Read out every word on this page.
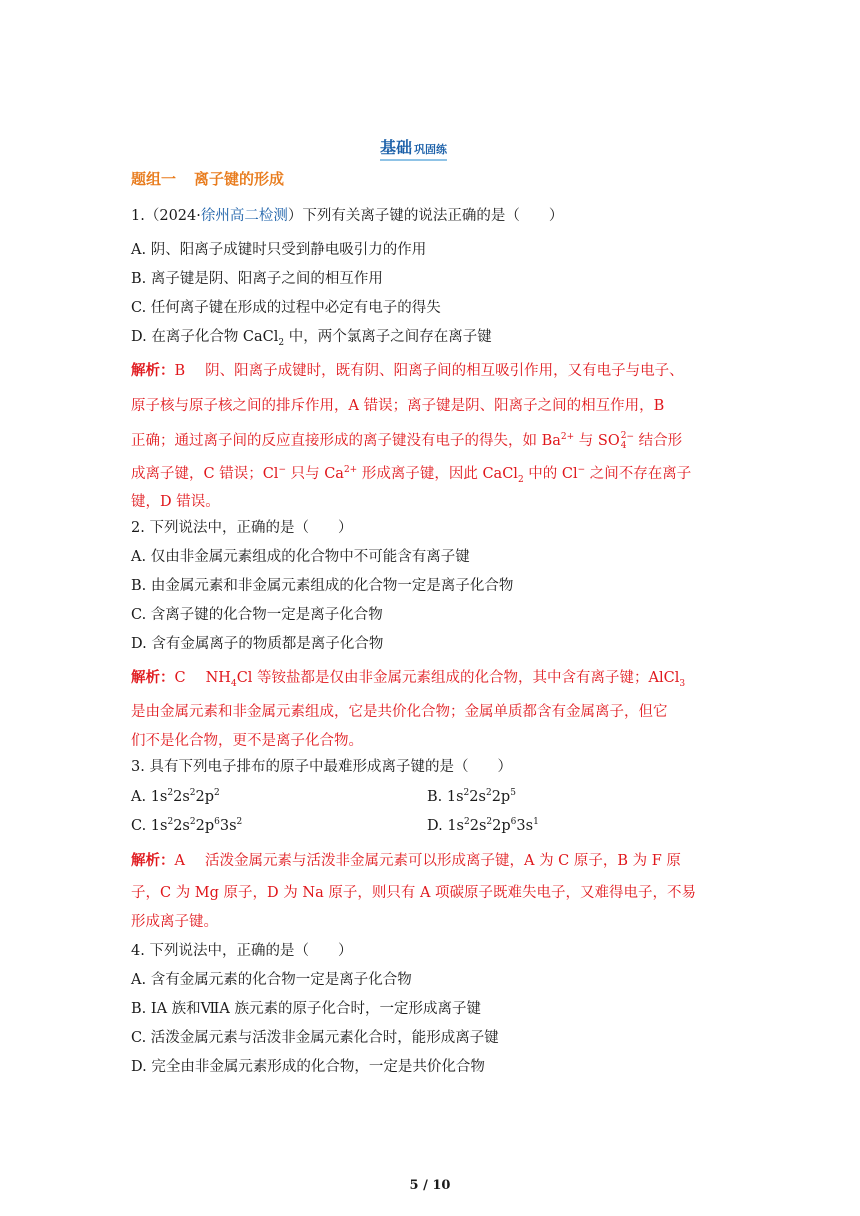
基础 巩固练
题组一 离子键的形成
1.（2024·徐州高二检测）下列有关离子键的说法正确的是（　　）
A. 阴、阳离子成键时只受到静电吸引力的作用
B. 离子键是阴、阳离子之间的相互作用
C. 任何离子键在形成的过程中必定有电子的得失
D. 在离子化合物 CaCl$_2$ 中，两个氯离子之间存在离子键
解析：B 阴、阳离子成键时，既有阴、阳离子间的相互吸引作用，又有电子与电子、
原子核与原子核之间的排斥作用，A 错误；离子键是阴、阳离子之间的相互作用，B
正确；通过离子间的反应直接形成的离子键没有电子的得失，如 $Ba^{2+}$ 与 SO 2
4
− 结合形
成离子键，C 错误；Cl− 只与 $Ca^{2+}$ 形成离子键，因此 CaCl$_2$ 中的 Cl− 之间不存在离子
键，D 错误。
2. 下列说法中，正确的是（　　）
A. 仅由非金属元素组成的化合物中不可能含有离子键
B. 由金属元素和非金属元素组成的化合物一定是离子化合物
C. 含离子键的化合物一定是离子化合物
D. 含有金属离子的物质都是离子化合物
解析：C $NH_4Cl$ 等铵盐都是仅由非金属元素组成的化合物，其中含有离子键；AlCl$_3$
是由金属元素和非金属元素组成，它是共价化合物；金属单质都含有金属离子，但它
们不是化合物，更不是离子化合物。
3. 具有下列电子排布的原子中最难形成离子键的是（　　）
A. $1s^22s^22p^2$	B. $1s^22s^22p^5$
C. $1s^22s^22p^63s^2$	D. $1s^22s^22p^63s^1$
解析：A 活泼金属元素与活泼非金属元素可以形成离子键，A 为 C 原子，B 为 F 原
子，C 为 Mg 原子，D 为 Na 原子，则只有 A 项碳原子既难失电子，又难得电子，不易
形成离子键。
4. 下列说法中，正确的是（　　）
A. 含有金属元素的化合物一定是离子化合物
B. ⅠA 族和ⅦA 族元素的原子化合时，一定形成离子键
C. 活泼金属元素与活泼非金属元素化合时，能形成离子键
D. 完全由非金属元素形成的化合物，一定是共价化合物
5 / 10
